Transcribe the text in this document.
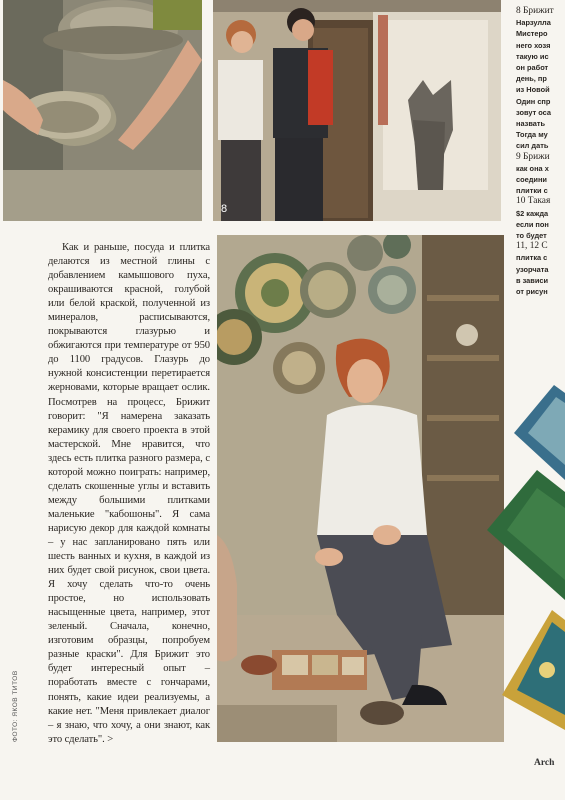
8

Как и раньше, посуда и плитка делаются из местной глины с добавлением камышового пуха, окрашиваются красной, голубой или белой краской, полученной из минералов, расписываются, покрываются глазурью и обжигаются при температуре от 950 до 1100 градусов. Глазурь до нужной консистенции перетирается жерновами, которые вращает ослик. Посмотрев на процесс, Брижит говорит: "Я намерена заказать керамику для своего проекта в этой мастерской. Мне нравится, что здесь есть плитка разного размера, с которой можно поиграть: например, сделать скошенные углы и вставить между большими плитками маленькие "кабошоны". Я сама нарисую декор для каждой комнаты – у нас запланировано пять или шесть ванных и кухня, в каждой из них будет свой рисунок, свои цвета. Я хочу сделать что-то очень простое, но использовать насыщенные цвета, например, этот зеленый. Сначала, конечно, изготовим образцы, попробуем разные краски". Для Брижит это будет интересный опыт – поработать вместе с гончарами, понять, какие идеи реализуемы, а какие нет. "Меня привлекает диалог – я знаю, что хочу, а они знают, как это сделать". >

ФОТО: ЯКОВ ТИТОВ
8 Брижит
Нарзулла
Мистеро
него хозя
такую ис
он работ
день, пр
из Новой
Один спр
зовут оса
назвать
Тогда му
сил дать
9 Брижи
как она х
соедини
плитки с
10 Такая
$2 кажда
если пон
то будет
11, 12 С
плитка с
узорчата
в зависи
от рисун
Arch
